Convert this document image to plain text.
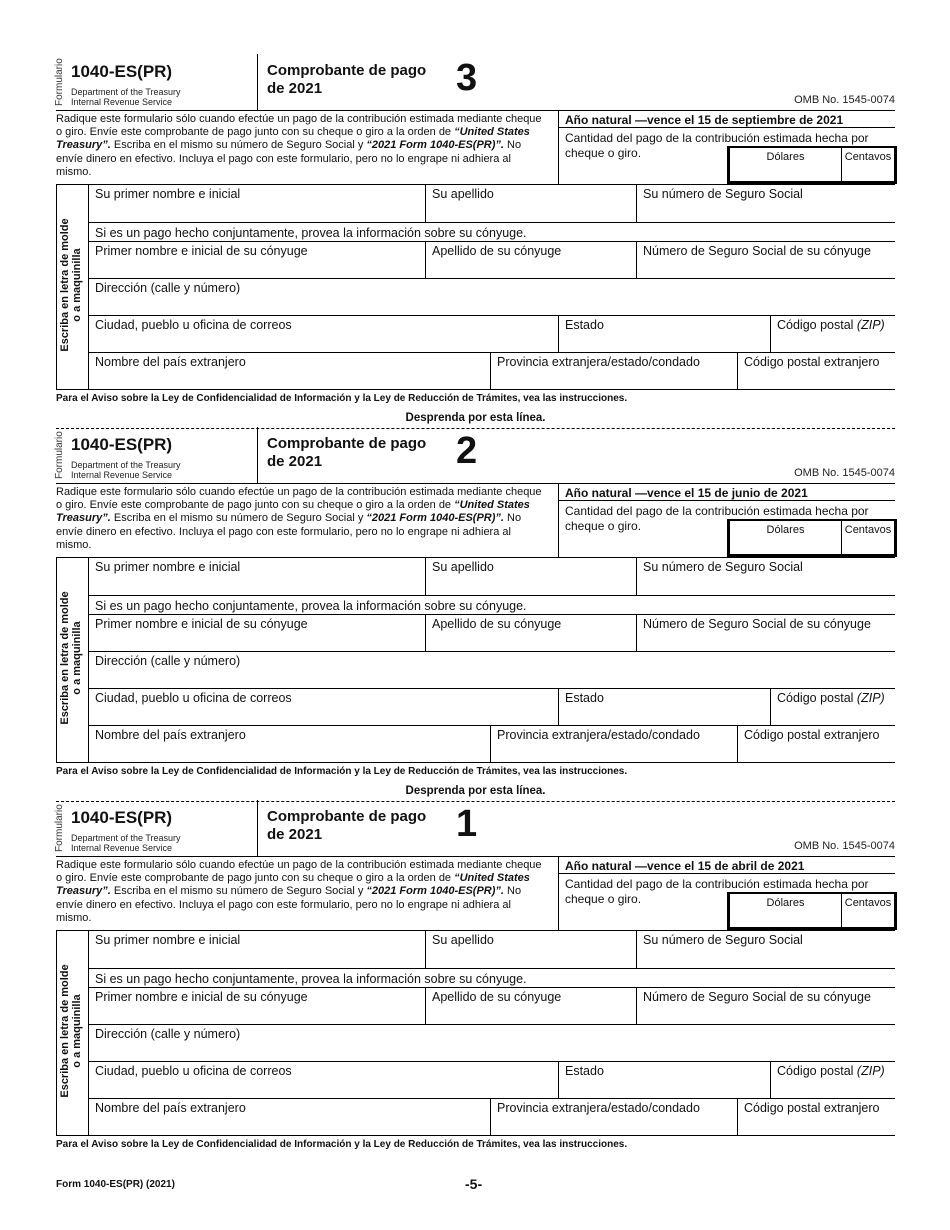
Formulario 1040-ES(PR)
Department of the Treasury
Internal Revenue Service
Comprobante de pago
de 2021	3
OMB No. 1545-0074
Radique este formulario sólo cuando efectúe un pago de la contribución estimada mediante cheque o giro. Envíe este comprobante de pago junto con su cheque o giro a la orden de “United States Treasury”. Escriba en el mismo su número de Seguro Social y “2021 Form 1040-ES(PR)”. No envíe dinero en efectivo. Incluya el pago con este formulario, pero no lo engrape ni adhiera al mismo.
Año natural —vence el 15 de septiembre de 2021
Cantidad del pago de la contribución estimada hecha por cheque o giro.	Dólares	Centavos
Escriba en letra de molde o a maquinilla
Su primer nombre e inicial	Su apellido	Su número de Seguro Social
Si es un pago hecho conjuntamente, provea la información sobre su cónyuge.
Primer nombre e inicial de su cónyuge	Apellido de su cónyuge	Número de Seguro Social de su cónyuge
Dirección (calle y número)
Ciudad, pueblo u oficina de correos	Estado	Código postal (ZIP)
Nombre del país extranjero	Provincia extranjera/estado/condado	Código postal extranjero
Para el Aviso sobre la Ley de Confidencialidad de Información y la Ley de Reducción de Trámites, vea las instrucciones.
Desprenda por esta línea.
Formulario 1040-ES(PR)
Department of the Treasury
Internal Revenue Service
Comprobante de pago
de 2021	2
OMB No. 1545-0074
Radique este formulario sólo cuando efectúe un pago de la contribución estimada mediante cheque o giro. Envíe este comprobante de pago junto con su cheque o giro a la orden de “United States Treasury”. Escriba en el mismo su número de Seguro Social y “2021 Form 1040-ES(PR)”. No envíe dinero en efectivo. Incluya el pago con este formulario, pero no lo engrape ni adhiera al mismo.
Año natural —vence el 15 de junio de 2021
Cantidad del pago de la contribución estimada hecha por cheque o giro.	Dólares	Centavos
Escriba en letra de molde o a maquinilla
Su primer nombre e inicial	Su apellido	Su número de Seguro Social
Si es un pago hecho conjuntamente, provea la información sobre su cónyuge.
Primer nombre e inicial de su cónyuge	Apellido de su cónyuge	Número de Seguro Social de su cónyuge
Dirección (calle y número)
Ciudad, pueblo u oficina de correos	Estado	Código postal (ZIP)
Nombre del país extranjero	Provincia extranjera/estado/condado	Código postal extranjero
Para el Aviso sobre la Ley de Confidencialidad de Información y la Ley de Reducción de Trámites, vea las instrucciones.
Desprenda por esta línea.
Formulario 1040-ES(PR)
Department of the Treasury
Internal Revenue Service
Comprobante de pago
de 2021	1
OMB No. 1545-0074
Radique este formulario sólo cuando efectúe un pago de la contribución estimada mediante cheque o giro. Envíe este comprobante de pago junto con su cheque o giro a la orden de “United States Treasury”. Escriba en el mismo su número de Seguro Social y “2021 Form 1040-ES(PR)”. No envíe dinero en efectivo. Incluya el pago con este formulario, pero no lo engrape ni adhiera al mismo.
Año natural —vence el 15 de abril de 2021
Cantidad del pago de la contribución estimada hecha por cheque o giro.	Dólares	Centavos
Escriba en letra de molde o a maquinilla
Su primer nombre e inicial	Su apellido	Su número de Seguro Social
Si es un pago hecho conjuntamente, provea la información sobre su cónyuge.
Primer nombre e inicial de su cónyuge	Apellido de su cónyuge	Número de Seguro Social de su cónyuge
Dirección (calle y número)
Ciudad, pueblo u oficina de correos	Estado	Código postal (ZIP)
Nombre del país extranjero	Provincia extranjera/estado/condado	Código postal extranjero
Para el Aviso sobre la Ley de Confidencialidad de Información y la Ley de Reducción de Trámites, vea las instrucciones.
Form 1040-ES(PR) (2021)	-5-
